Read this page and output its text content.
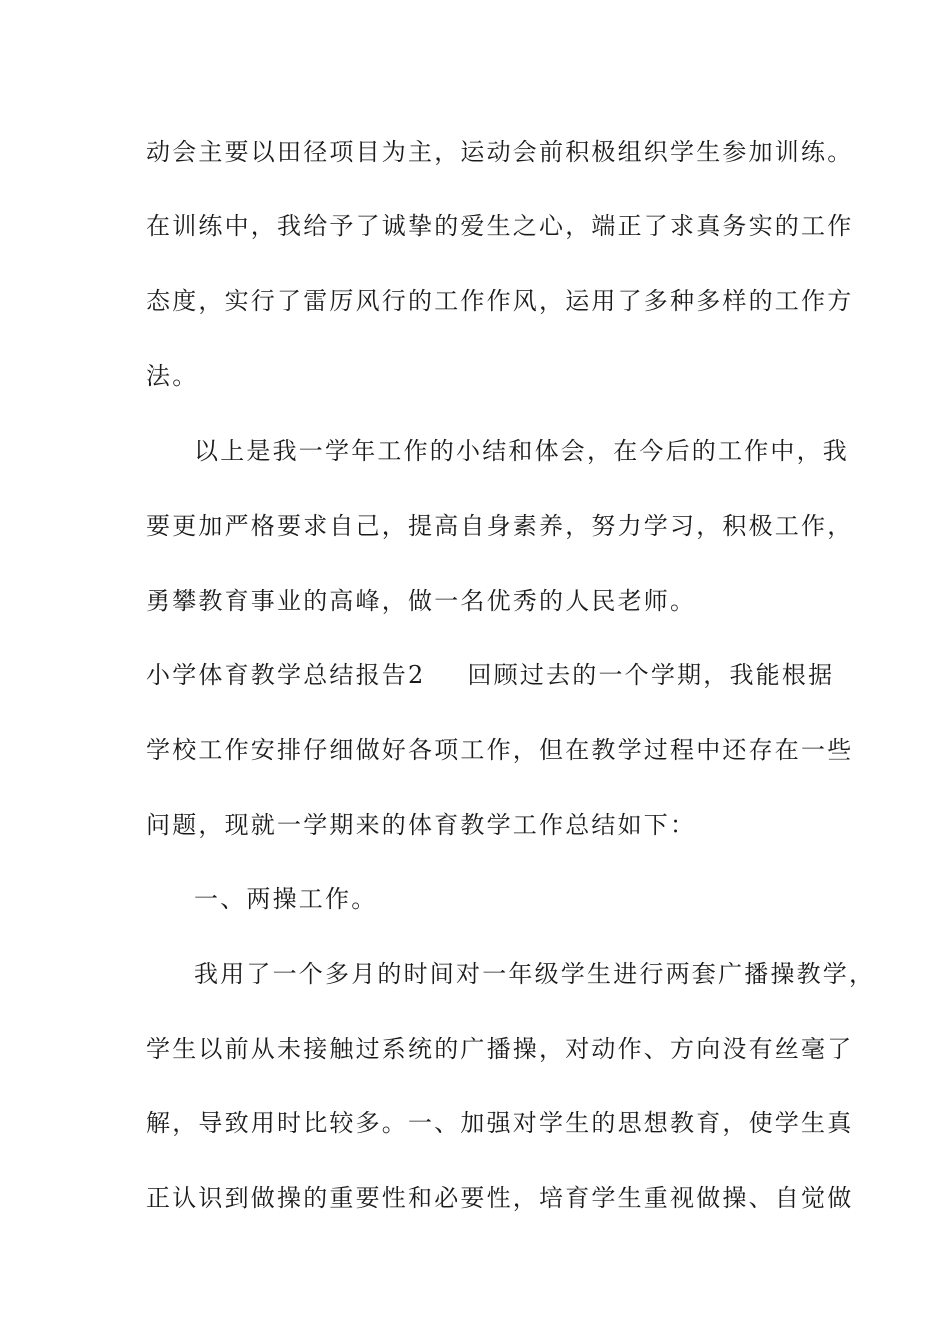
动会主要以田径项目为主，运动会前积极组织学生参加训练。
在训练中，我给予了诚挚的爱生之心，端正了求真务实的工作
态度，实行了雷厉风行的工作作风，运用了多种多样的工作方
法。
以上是我一学年工作的小结和体会，在今后的工作中，我
要更加严格要求自己，提高自身素养，努力学习，积极工作，
勇攀教育事业的高峰，做一名优秀的人民老师。
小学体育教学总结报告2 回顾过去的一个学期，我能根据
学校工作安排仔细做好各项工作，但在教学过程中还存在一些
问题，现就一学期来的体育教学工作总结如下：
一、两操工作。
我用了一个多月的时间对一年级学生进行两套广播操教学，
学生以前从未接触过系统的广播操，对动作、方向没有丝毫了
解，导致用时比较多。一、加强对学生的思想教育，使学生真
正认识到做操的重要性和必要性，培育学生重视做操、自觉做
